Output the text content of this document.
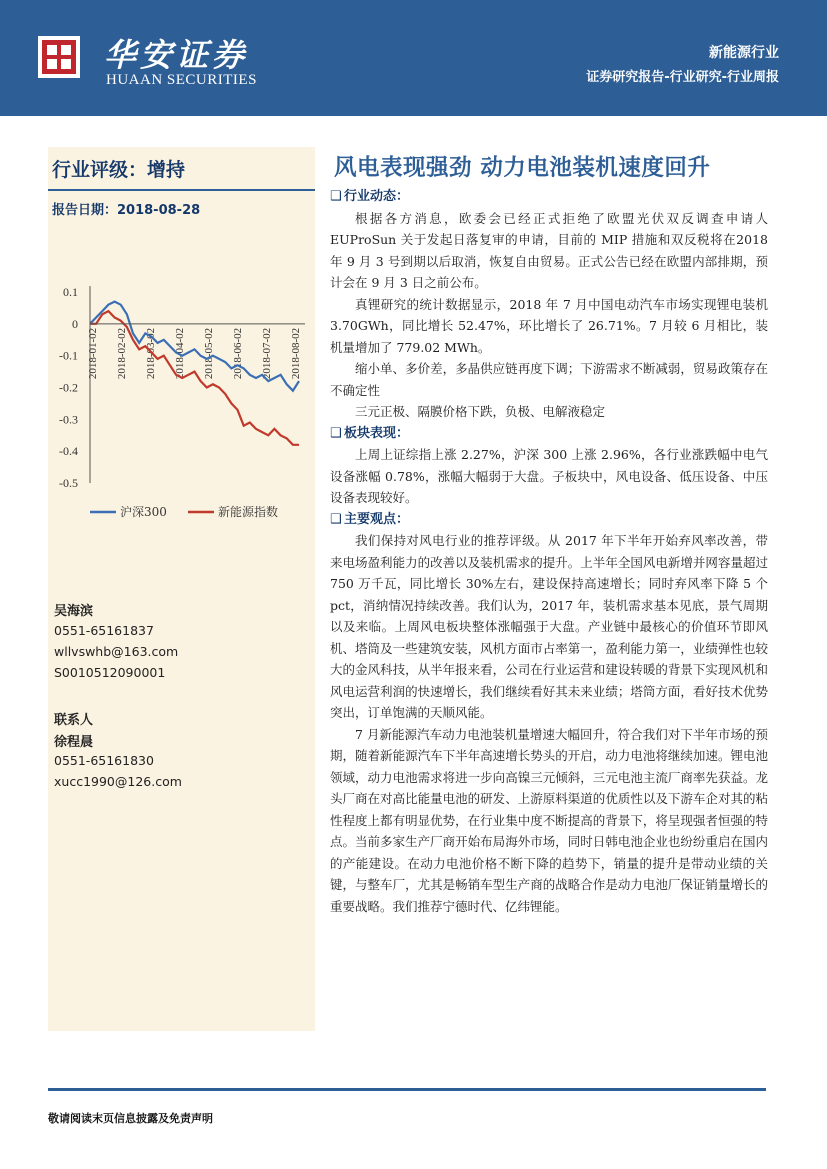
华安证券
HUAAN SECURITIES
新能源行业
证券研究报告-行业研究-行业周报
行业评级：增持
报告日期：2018-08-28
吴海滨
0551-65161837
wllvswhb@163.com
S0010512090001
联系人
徐程晨
0551-65161830
xucc1990@126.com
0.1
0
-0.1
-0.2
-0.3
-0.4
-0.5
2018-01-02 2018-02-02 2018-03-02 2018-04-02 2018-05-02 2018-06-02 2018-07-02 2018-08-02
沪深300	新能源指数
风电表现强劲 动力电池装机速度回升
❑ 行业动态：

根据各方消息，欧委会已经正式拒绝了欧盟光伏双反调查申请人EUProSun 关于发起日落复审的申请，目前的 MIP 措施和双反税将在2018 年 9 月 3 号到期以后取消，恢复自由贸易。正式公告已经在欧盟内部排期，预计会在 9 月 3 日之前公布。

真锂研究的统计数据显示，2018 年 7 月中国电动汽车市场实现锂电装机 3.70GWh，同比增长 52.47%，环比增长了 26.71%。7 月较 6 月相比，装机量增加了 779.02 MWh。

缩小单、多价差，多晶供应链再度下调；下游需求不断减弱，贸易政策存在不确定性

三元正极、隔膜价格下跌，负极、电解液稳定

❑ 板块表现：

上周上证综指上涨 2.27%，沪深 300 上涨 2.96%，各行业涨跌幅中电气设备涨幅 0.78%，涨幅大幅弱于大盘。子板块中，风电设备、低压设备、中压设备表现较好。

❑ 主要观点：

我们保持对风电行业的推荐评级。从 2017 年下半年开始弃风率改善，带来电场盈利能力的改善以及装机需求的提升。上半年全国风电新增并网容量超过 750 万千瓦，同比增长 30%左右，建设保持高速增长；同时弃风率下降 5 个 pct，消纳情况持续改善。我们认为，2017 年，装机需求基本见底，景气周期以及来临。上周风电板块整体涨幅强于大盘。产业链中最核心的价值环节即风机、塔筒及一些建筑安装，风机方面市占率第一，盈利能力第一，业绩弹性也较大的金风科技，从半年报来看，公司在行业运营和建设转暖的背景下实现风机和风电运营利润的快速增长，我们继续看好其未来业绩；塔筒方面，看好技术优势突出，订单饱满的天顺风能。

7 月新能源汽车动力电池装机量增速大幅回升，符合我们对下半年市场的预期，随着新能源汽车下半年高速增长势头的开启，动力电池将继续加速。锂电池领域，动力电池需求将进一步向高镍三元倾斜，三元电池主流厂商率先获益。龙头厂商在对高比能量电池的研发、上游原料渠道的优质性以及下游车企对其的粘性程度上都有明显优势，在行业集中度不断提高的背景下，将呈现强者恒强的特点。当前多家生产厂商开始布局海外市场，同时日韩电池企业也纷纷重启在国内的产能建设。在动力电池价格不断下降的趋势下，销量的提升是带动业绩的关键，与整车厂，尤其是畅销车型生产商的战略合作是动力电池厂保证销量增长的重要战略。我们推荐宁德时代、亿纬锂能。

敬请阅读末页信息披露及免责声明
